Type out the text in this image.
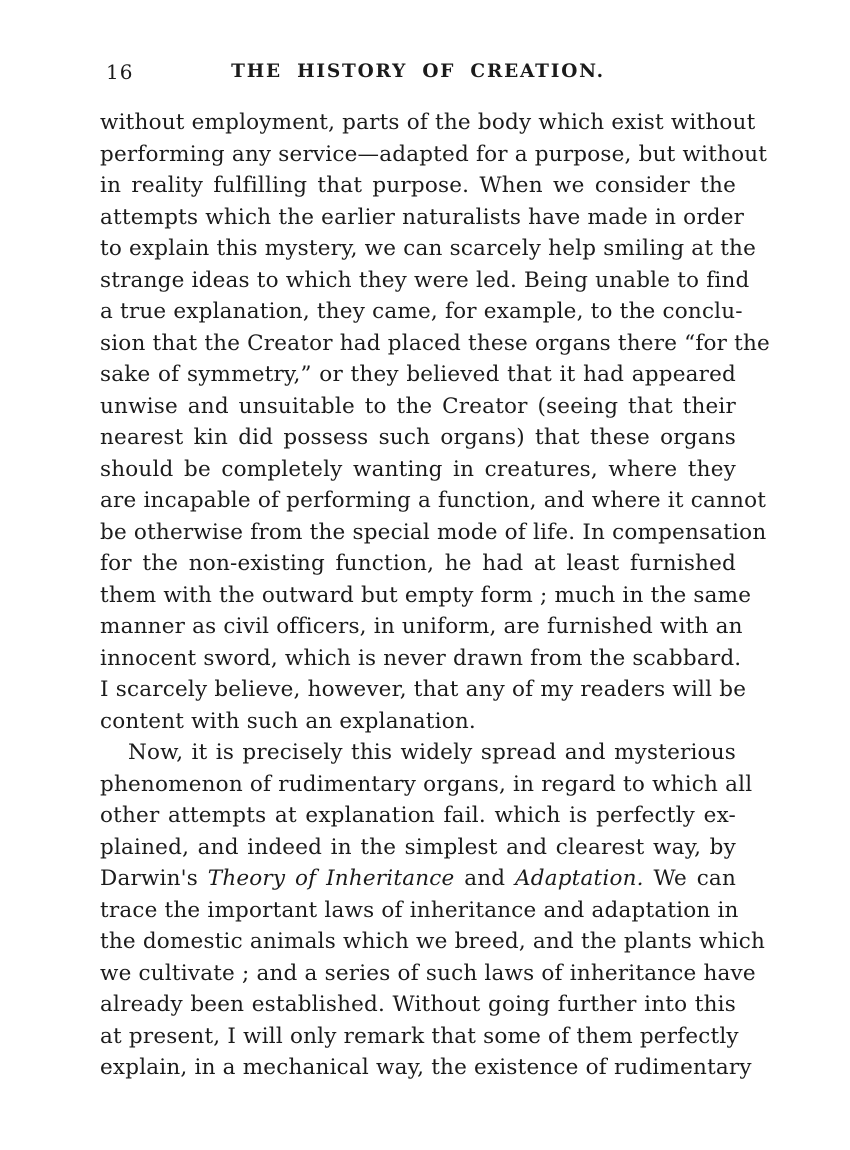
16	THE HISTORY OF CREATION.
without employment, parts of the body which exist without
performing any service—adapted for a purpose, but without
in reality fulfilling that purpose. When we consider the
attempts which the earlier naturalists have made in order
to explain this mystery, we can scarcely help smiling at the
strange ideas to which they were led. Being unable to find
a true explanation, they came, for example, to the conclu-
sion that the Creator had placed these organs there “for the
sake of symmetry,” or they believed that it had appeared
unwise and unsuitable to the Creator (seeing that their
nearest kin did possess such organs) that these organs
should be completely wanting in creatures, where they
are incapable of performing a function, and where it cannot
be otherwise from the special mode of life. In compensation
for the non-existing function, he had at least furnished
them with the outward but empty form ; much in the same
manner as civil officers, in uniform, are furnished with an
innocent sword, which is never drawn from the scabbard.
I scarcely believe, however, that any of my readers will be
content with such an explanation.
Now, it is precisely this widely spread and mysterious
phenomenon of rudimentary organs, in regard to which all
other attempts at explanation fail. which is perfectly ex-
plained, and indeed in the simplest and clearest way, by
Darwin's Theory of Inheritance and Adaptation. We can
trace the important laws of inheritance and adaptation in
the domestic animals which we breed, and the plants which
we cultivate ; and a series of such laws of inheritance have
already been established. Without going further into this
at present, I will only remark that some of them perfectly
explain, in a mechanical way, the existence of rudimentary
